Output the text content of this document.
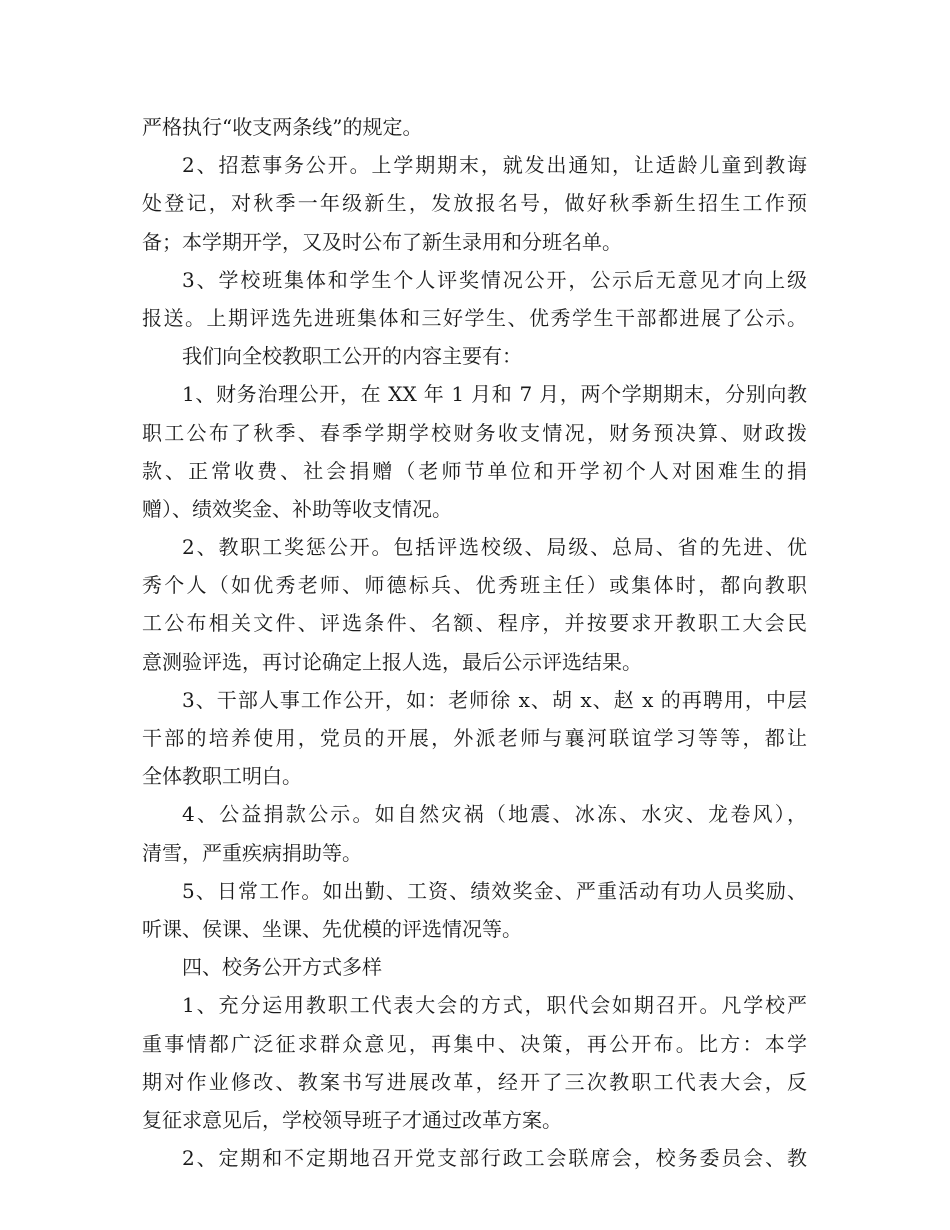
严格执行“收支两条线”的规定。
2、招惹事务公开。上学期期末，就发出通知，让适龄儿童到教诲
处登记，对秋季一年级新生，发放报名号，做好秋季新生招生工作预
备；本学期开学，又及时公布了新生录用和分班名单。
3、学校班集体和学生个人评奖情况公开，公示后无意见才向上级
报送。上期评选先进班集体和三好学生、优秀学生干部都进展了公示。
我们向全校教职工公开的内容主要有：
1、财务治理公开，在 XX 年 1 月和 7 月，两个学期期末，分别向教
职工公布了秋季、春季学期学校财务收支情况，财务预决算、财政拨
款、正常收费、社会捐赠（老师节单位和开学初个人对困难生的捐
赠）、绩效奖金、补助等收支情况。
2、教职工奖惩公开。包括评选校级、局级、总局、省的先进、优
秀个人（如优秀老师、师德标兵、优秀班主任）或集体时，都向教职
工公布相关文件、评选条件、名额、程序，并按要求开教职工大会民
意测验评选，再讨论确定上报人选，最后公示评选结果。
3、干部人事工作公开，如：老师徐 x、胡 x、赵 x 的再聘用，中层
干部的培养使用，党员的开展，外派老师与襄河联谊学习等等，都让
全体教职工明白。
4、公益捐款公示。如自然灾祸（地震、冰冻、水灾、龙卷风），
清雪，严重疾病捐助等。
5、日常工作。如出勤、工资、绩效奖金、严重活动有功人员奖励、
听课、侯课、坐课、先优模的评选情况等。
四、校务公开方式多样
1、充分运用教职工代表大会的方式，职代会如期召开。凡学校严
重事情都广泛征求群众意见，再集中、决策，再公开布。比方：本学
期对作业修改、教案书写进展改革，经开了三次教职工代表大会，反
复征求意见后，学校领导班子才通过改革方案。
2、定期和不定期地召开党支部行政工会联席会，校务委员会、教
